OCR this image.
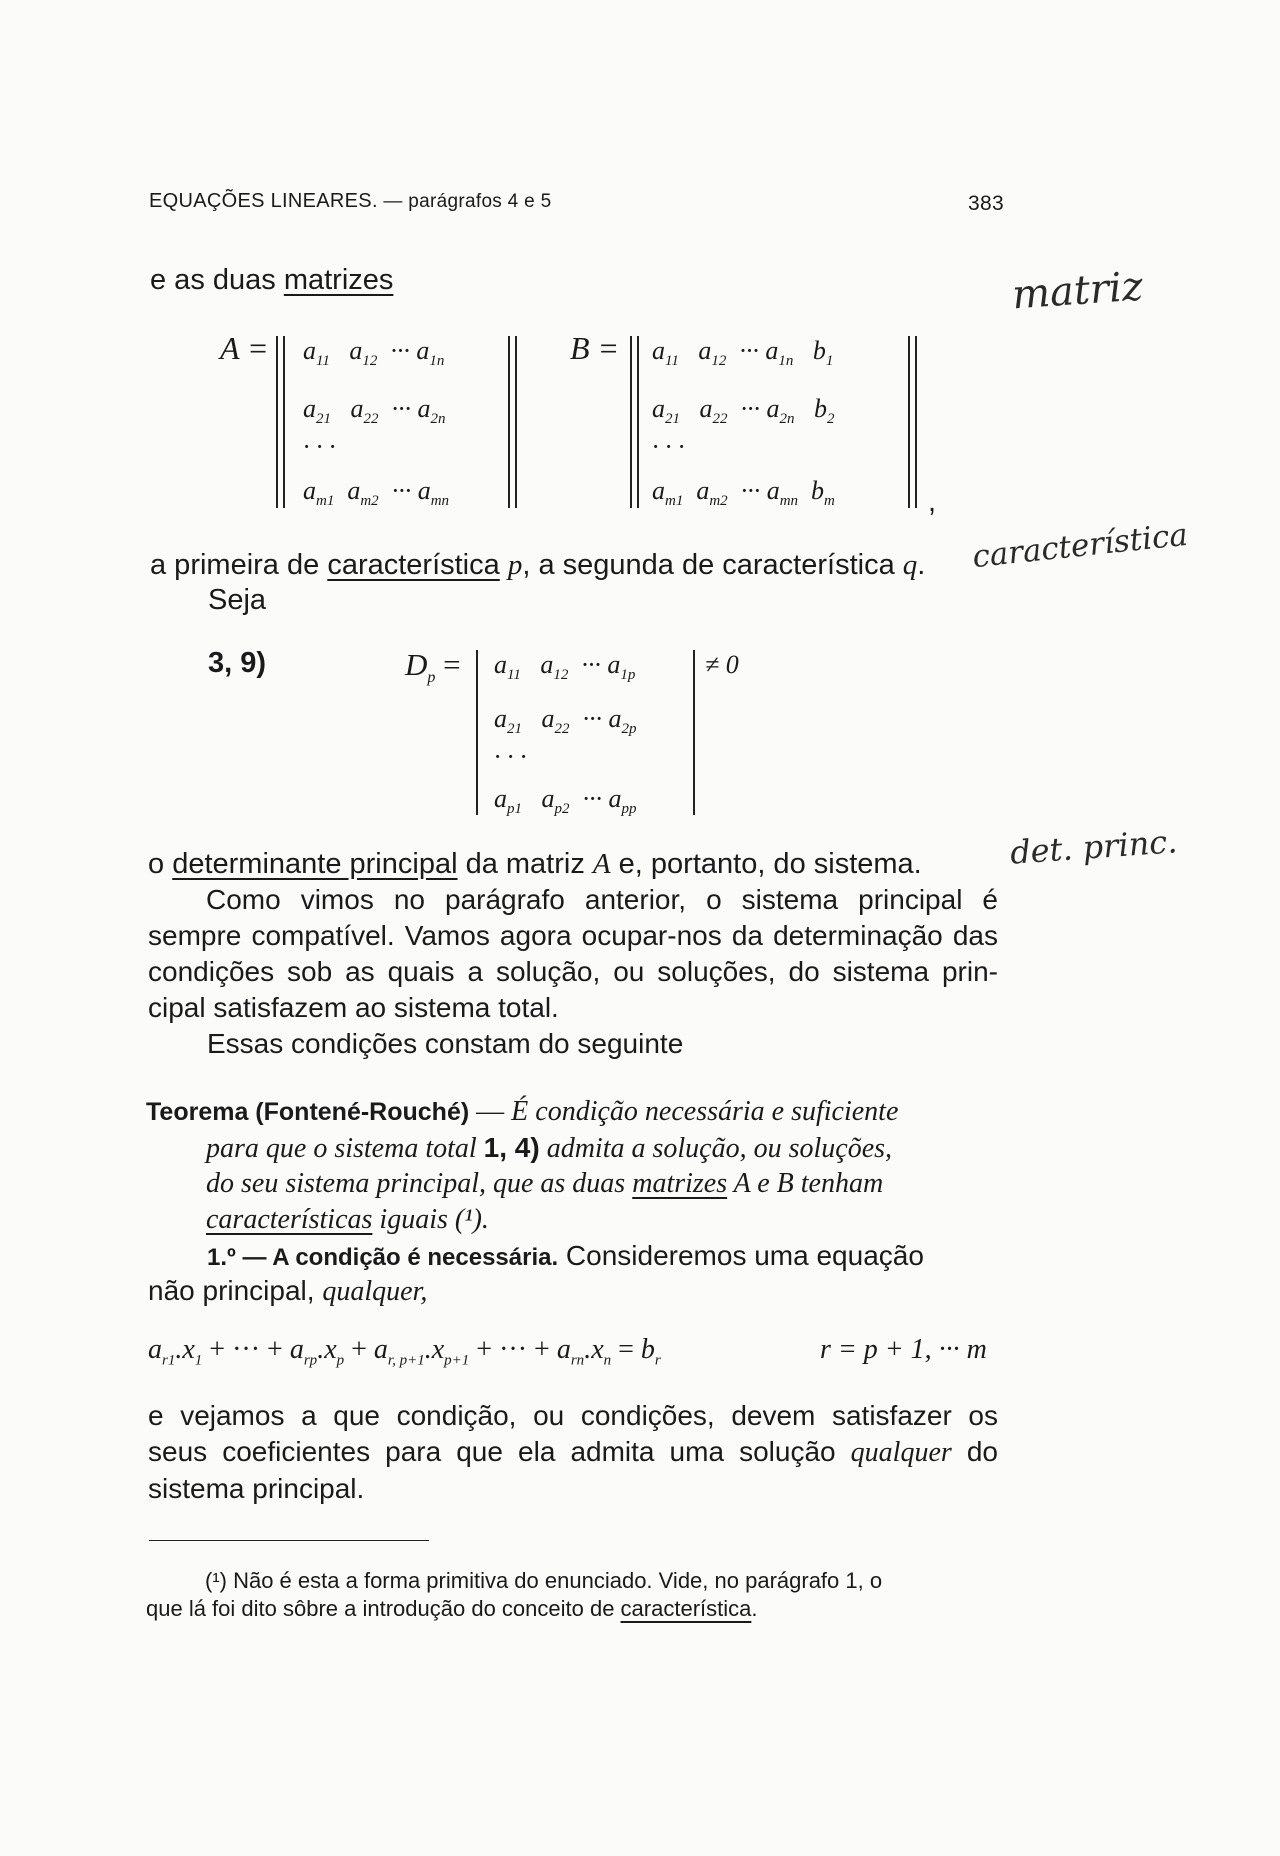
EQUAÇÕES LINEARES. — parágrafos 4 e 5	383
e as duas matrizes
$A = a_{11}$ $a_{12}$ ··· $a_{1n}$
$a_{21}$ $a_{22}$ ··· $a_{2n}$
· · ·
$a_{m1}$ $a_{m2}$ ··· $a_{mn}$
$B = a_{11}$ $a_{12}$ ··· $a_{1n}$ $b_1$
$a_{21}$ $a_{22}$ ··· $a_{2n}$ $b_2$
· · ·
$a_{m1}$ $a_{m2}$ ··· $a_{mn}$ $b_m$	,
a primeira de característica p, a segunda de característica q.
Seja
3, 9)	$D_p = a_{11}$ $a_{12}$ ··· $a_{1p}$
$a_{21}$ $a_{22}$ ··· $a_{2p}$
· · ·
$a_{p1}$ $a_{p2}$ ··· $a_{pp}$
≠ 0
o determinante principal da matriz A e, portanto, do sistema.
Como vimos no parágrafo anterior, o sistema principal é
sempre compatível. Vamos agora ocupar-nos da determinação das
condições sob as quais a solução, ou soluções, do sistema prin-
cipal satisfazem ao sistema total.
Essas condições constam do seguinte
Teorema (Fontené-Rouché) — É condição necessária e suficiente
para que o sistema total 1, 4) admita a solução, ou soluções,
do seu sistema principal, que as duas matrizes A e B tenham
características iguais (¹).
1.º — A condição é necessária. Consideremos uma equação
não principal, qualquer,
$a_{r1}.x_1$ + ··· + $a_{rp}.x_p + a_{r, p+1}.x_{p+1}$ + ··· + $a_{rn}.x_n = b_r$	r = p + 1, ··· m
e vejamos a que condição, ou condições, devem satisfazer os
seus coeficientes para que ela admita uma solução qualquer do
sistema principal.
(¹) Não é esta a forma primitiva do enunciado. Vide, no parágrafo 1, o
que lá foi dito sôbre a introdução do conceito de característica.
matriz
característica
det. princ.
